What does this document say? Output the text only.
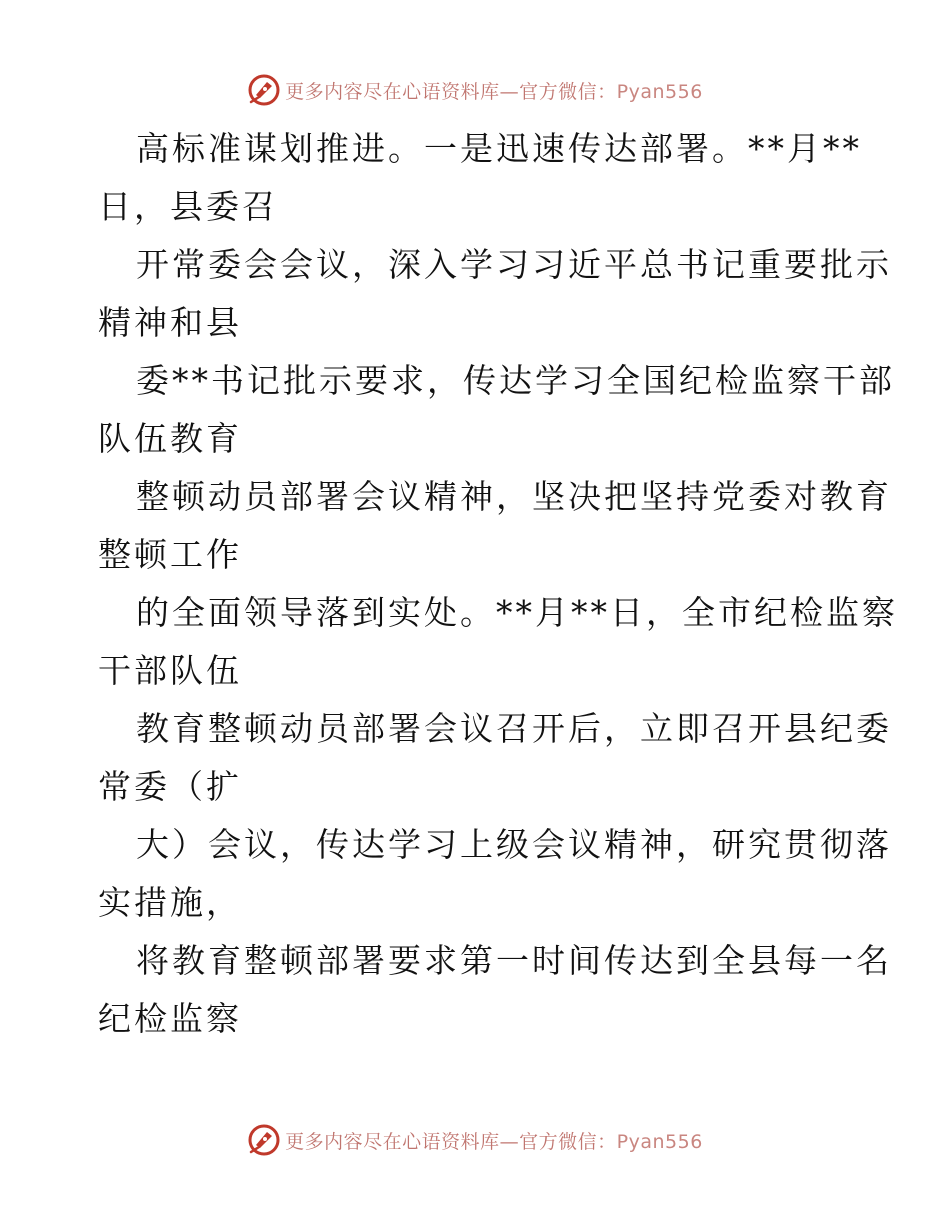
更多内容尽在心语资料库—官方微信：Pyan556
高标准谋划推进。一是迅速传达部署。**月**
日，县委召
开常委会会议，深入学习习近平总书记重要批示
精神和县
委**书记批示要求，传达学习全国纪检监察干部
队伍教育
整顿动员部署会议精神，坚决把坚持党委对教育
整顿工作
的全面领导落到实处。**月**日，全市纪检监察
干部队伍
教育整顿动员部署会议召开后，立即召开县纪委
常委（扩
大）会议，传达学习上级会议精神，研究贯彻落
实措施，
将教育整顿部署要求第一时间传达到全县每一名
纪检监察
更多内容尽在心语资料库—官方微信：Pyan556
